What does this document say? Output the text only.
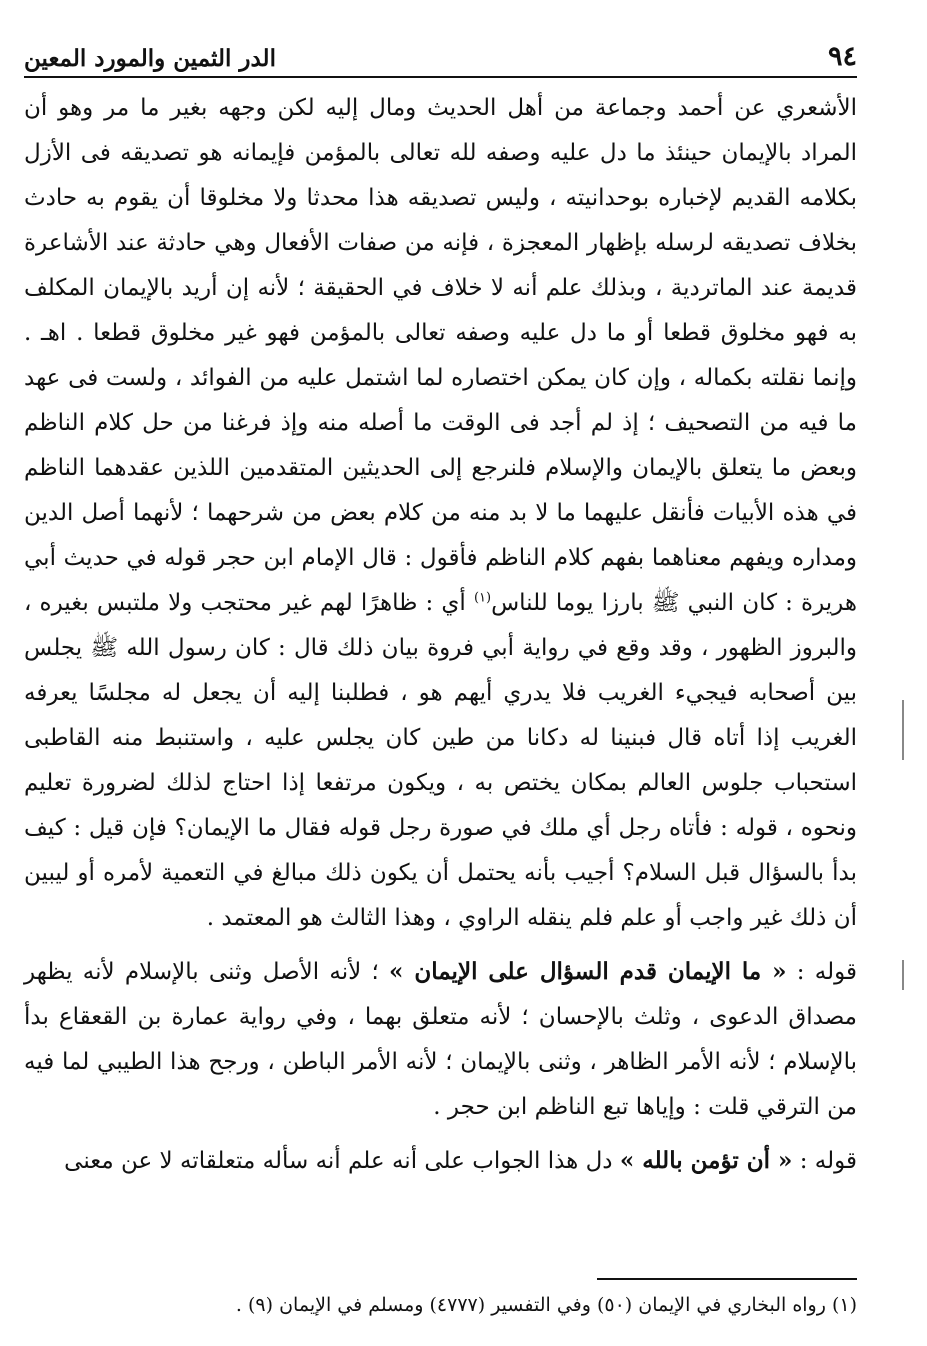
٩٤
الدر الثمين والمورد المعين

الأشعري عن أحمد وجماعة من أهل الحديث ومال إليه لكن وجهه بغير ما مر وهو أن المراد بالإيمان حينئذ ما دل عليه وصفه لله تعالى بالمؤمن فإيمانه هو تصديقه فى الأزل بكلامه القديم لإخباره بوحدانيته ، وليس تصديقه هذا محدثا ولا مخلوقا أن يقوم به حادث بخلاف تصديقه لرسله بإظهار المعجزة ، فإنه من صفات الأفعال وهي حادثة عند الأشاعرة قديمة عند الماتردية ، وبذلك علم أنه لا خلاف في الحقيقة ؛ لأنه إن أريد بالإيمان المكلف به فهو مخلوق قطعا أو ما دل عليه وصفه تعالى بالمؤمن فهو غير مخلوق قطعا . اهـ . وإنما نقلته بكماله ، وإن كان يمكن اختصاره لما اشتمل عليه من الفوائد ، ولست فى عهد ما فيه من التصحيف ؛ إذ لم أجد فى الوقت ما أصله منه وإذ فرغنا من حل كلام الناظم وبعض ما يتعلق بالإيمان والإسلام فلنرجع إلى الحديثين المتقدمين اللذين عقدهما الناظم في هذه الأبيات فأنقل عليهما ما لا بد منه من كلام بعض من شرحهما ؛ لأنهما أصل الدين ومداره ويفهم معناهما بفهم كلام الناظم فأقول : قال الإمام ابن حجر قوله في حديث أبي هريرة : كان النبي ﷺ بارزا يوما للناس$^{(١)}$ أي : ظاهرًا لهم غير محتجب ولا ملتبس بغيره ، والبروز الظهور ، وقد وقع في رواية أبي فروة بيان ذلك قال : كان رسول الله ﷺ يجلس بين أصحابه فيجيء الغريب فلا يدري أيهم هو ، فطلبنا إليه أن يجعل له مجلسًا يعرفه الغريب إذا أتاه قال فبنينا له دكانا من طين كان يجلس عليه ، واستنبط منه القاطبى استحباب جلوس العالم بمكان يختص به ، ويكون مرتفعا إذا احتاج لذلك لضرورة تعليم ونحوه ، قوله : فأتاه رجل أي ملك في صورة رجل قوله فقال ما الإيمان؟ فإن قيل : كيف بدأ بالسؤال قبل السلام؟ أجيب بأنه يحتمل أن يكون ذلك مبالغ في التعمية لأمره أو ليبين أن ذلك غير واجب أو علم فلم ينقله الراوي ، وهذا الثالث هو المعتمد .

قوله : « ما الإيمان قدم السؤال على الإيمان » ؛ لأنه الأصل وثنى بالإسلام لأنه يظهر مصداق الدعوى ، وثلث بالإحسان ؛ لأنه متعلق بهما ، وفي رواية عمارة بن القعقاع بدأ بالإسلام ؛ لأنه الأمر الظاهر ، وثنى بالإيمان ؛ لأنه الأمر الباطن ، ورجح هذا الطيبي لما فيه من الترقي قلت : وإياها تبع الناظم ابن حجر .

قوله : « أن تؤمن بالله » دل هذا الجواب على أنه علم أنه سأله متعلقاته لا عن معنى

(١) رواه البخاري في الإيمان (٥٠) وفي التفسير (٤٧٧٧) ومسلم في الإيمان (٩) .
